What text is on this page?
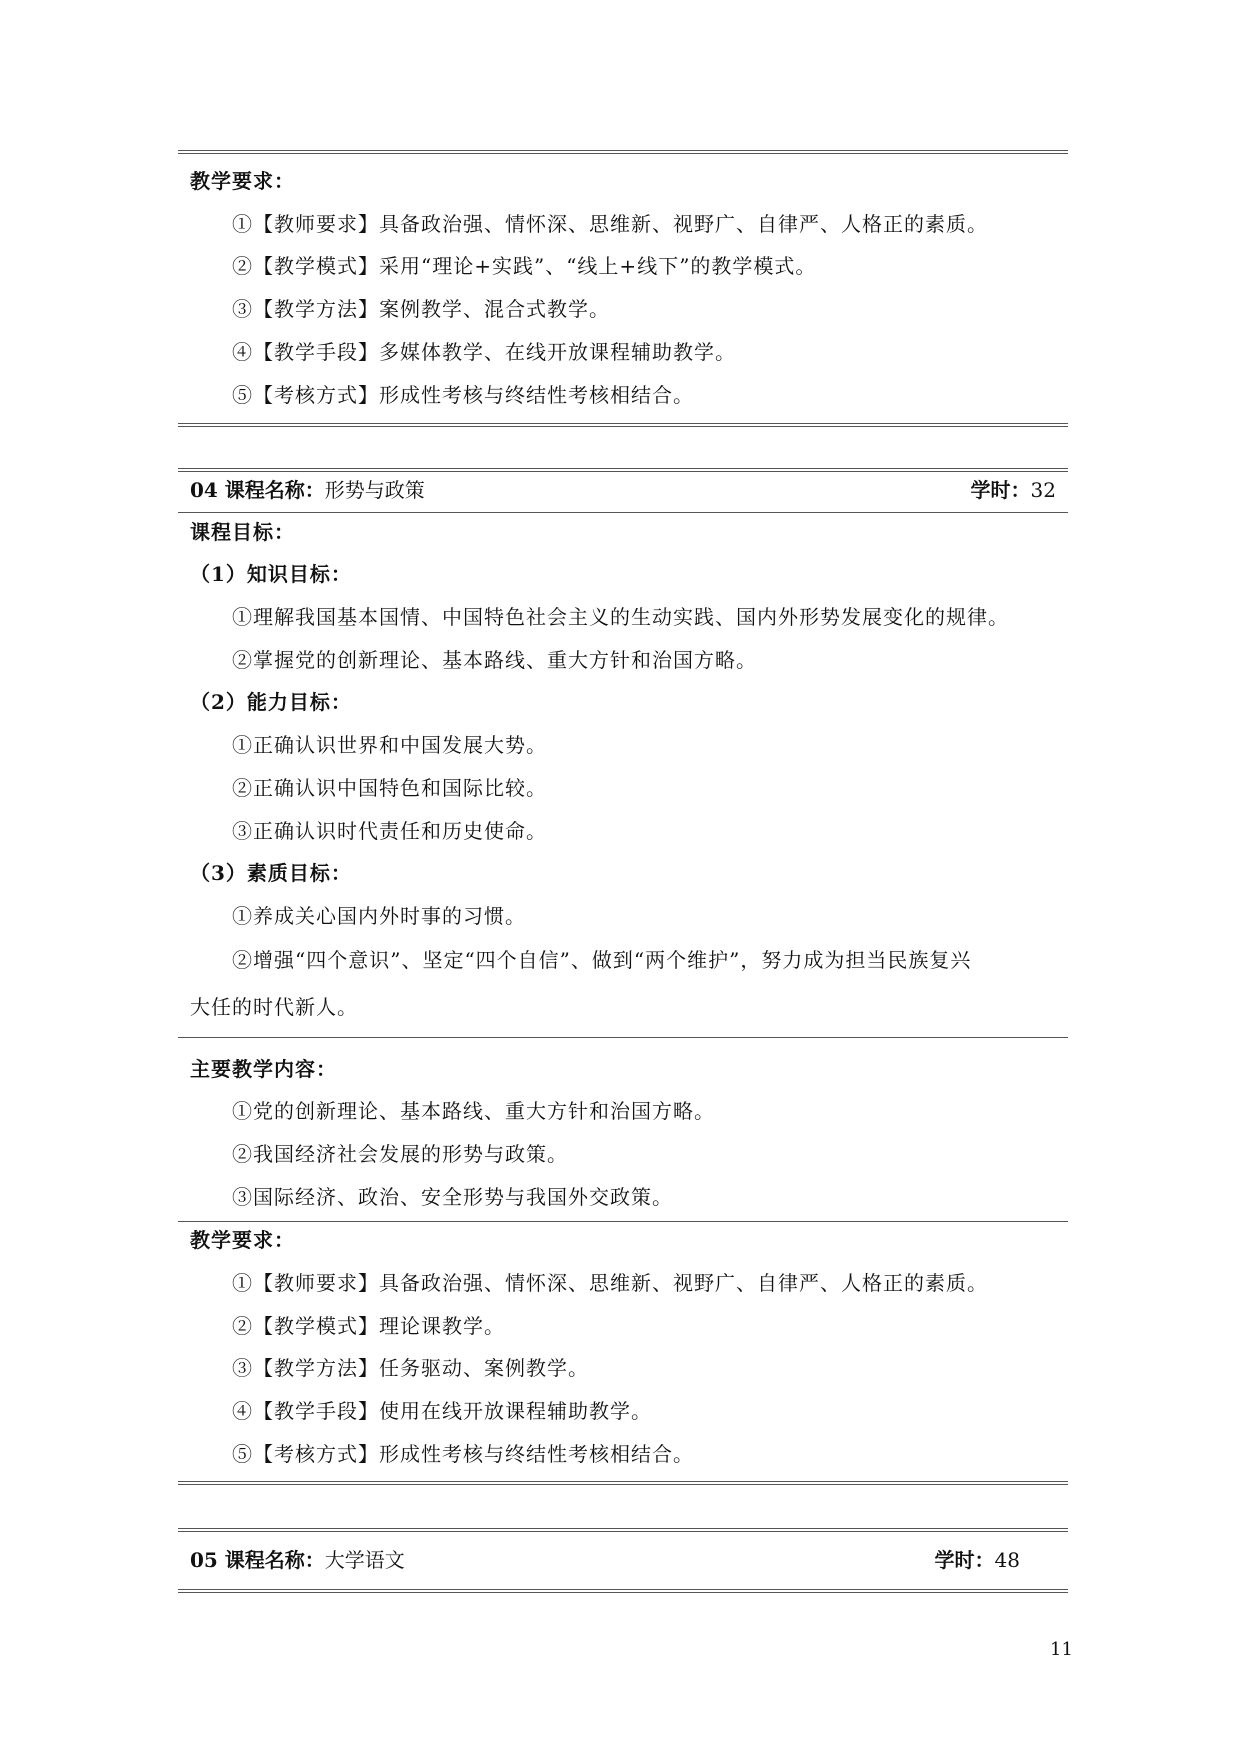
教学要求：
①【教师要求】具备政治强、情怀深、思维新、视野广、自律严、人格正的素质。
②【教学模式】采用“理论+实践”、“线上+线下”的教学模式。
③【教学方法】案例教学、混合式教学。
④【教学手段】多媒体教学、在线开放课程辅助教学。
⑤【考核方式】形成性考核与终结性考核相结合。
04 课程名称：形势与政策	学时：32
课程目标：
（1）知识目标：
①理解我国基本国情、中国特色社会主义的生动实践、国内外形势发展变化的规律。
②掌握党的创新理论、基本路线、重大方针和治国方略。
（2）能力目标：
①正确认识世界和中国发展大势。
②正确认识中国特色和国际比较。
③正确认识时代责任和历史使命。
（3）素质目标：
①养成关心国内外时事的习惯。
②增强“四个意识”、坚定“四个自信”、做到“两个维护”，努力成为担当民族复兴
大任的时代新人。
主要教学内容：
①党的创新理论、基本路线、重大方针和治国方略。
②我国经济社会发展的形势与政策。
③国际经济、政治、安全形势与我国外交政策。
教学要求：
①【教师要求】具备政治强、情怀深、思维新、视野广、自律严、人格正的素质。
②【教学模式】理论课教学。
③【教学方法】任务驱动、案例教学。
④【教学手段】使用在线开放课程辅助教学。
⑤【考核方式】形成性考核与终结性考核相结合。
05 课程名称：大学语文	学时：48
11
